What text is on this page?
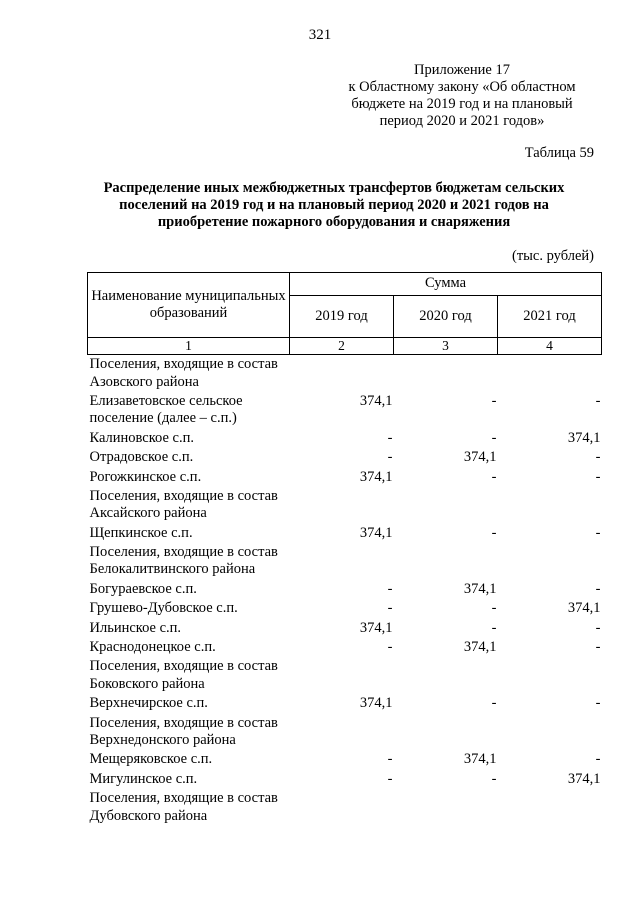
321
Приложение 17
к Областному закону «Об областном
бюджете на 2019 год и на плановый
период 2020 и 2021 годов»
Таблица 59
Распределение иных межбюджетных трансфертов бюджетам сельских поселений на 2019 год и на плановый период 2020 и 2021 годов на приобретение пожарного оборудования и снаряжения
(тыс. рублей)
Наименование муниципальных образований	Сумма		
	2019 год	2020 год	2021 год
1	2	3	4
Поселения, входящие в состав Азовского района			
Елизаветовское сельское поселение (далее – с.п.)	374,1	-	-
Калиновское с.п.	-	-	374,1
Отрадовское с.п.	-	374,1	-
Рогожкинское с.п.	374,1	-	-
Поселения, входящие в состав Аксайского района			
Щепкинское с.п.	374,1	-	-
Поселения, входящие в состав Белокалитвинского района			
Богураевское с.п.	-	374,1	-
Грушево-Дубовское с.п.	-	-	374,1
Ильинское с.п.	374,1	-	-
Краснодонецкое с.п.	-	374,1	-
Поселения, входящие в состав Боковского района			
Верхнечирское с.п.	374,1	-	-
Поселения, входящие в состав Верхнедонского района			
Мещеряковское с.п.	-	374,1	-
Мигулинское с.п.	-	-	374,1
Поселения, входящие в состав Дубовского района			
